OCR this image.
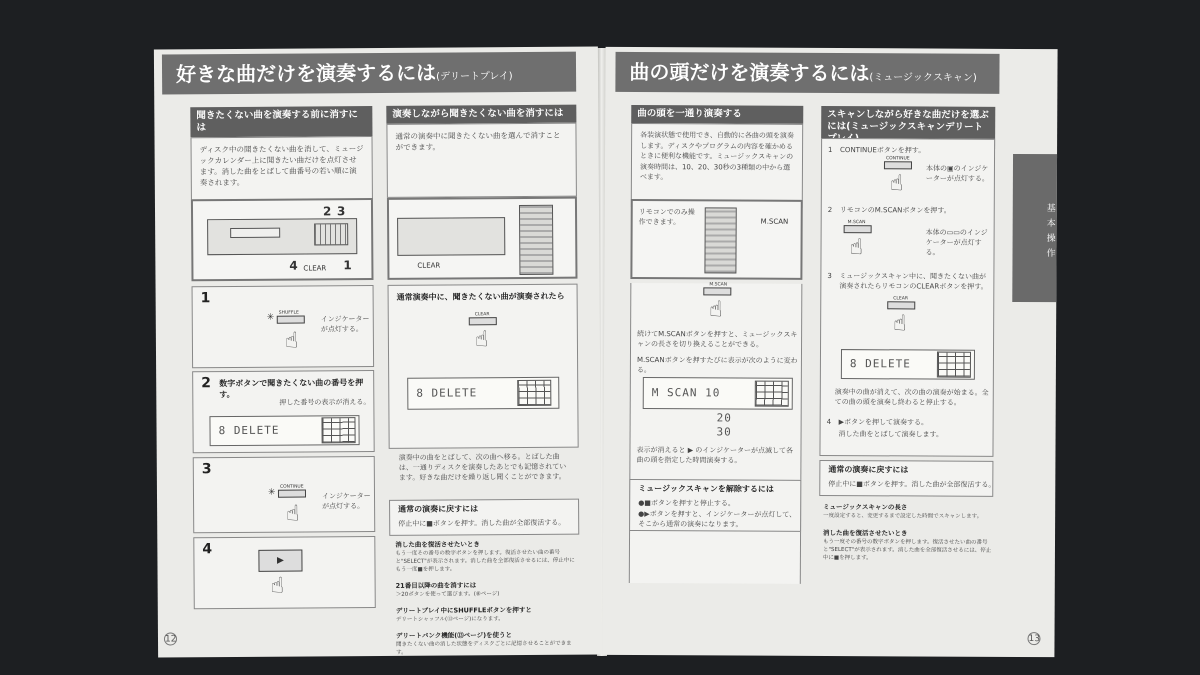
好きな曲だけを演奏するには(デリートプレイ)
聞きたくない曲を演奏する前に消すには
ディスク中の聞きたくない曲を消して、ミュージックカレンダー上に聞きたい曲だけを点灯させます。消した曲をとばして曲番号の若い順に演奏されます。
2 3
4	1
CLEAR
1
✳ SHUFFLE
☝
インジケーターが点灯する。
2 数字ボタンで聞きたくない曲の番号を押す。
押した番号の表示が消える。
8 DELETE
3
✳
CONTINUE
☝
インジケーターが点灯する。
4
▶
☝
演奏しながら聞きたくない曲を消すには
通常の演奏中に聞きたくない曲を選んで消すことができます。
CLEAR
通常演奏中に、聞きたくない曲が演奏されたら
CLEAR
☝
8 DELETE
演奏中の曲をとばして、次の曲へ移る。とばした曲は、一通りディスクを演奏したあとでも記憶されています。好きな曲だけを繰り返し聞くことができます。
通常の演奏に戻すには
停止中に■ボタンを押す。消した曲が全部復活する。
消した曲を復活させたいとき
もう一度その番号の数字ボタンを押します。復活させたい曲の番号と"SELECT"が表示されます。消した曲を全部復活させるには、停止中にもう一度■を押します。
21番目以降の曲を消すには
＞20ボタンを使って選びます。(⑧ページ)
デリートプレイ中にSHUFFLEボタンを押すと
デリートシャッフル(⑬ページ)になります。
デリートバンク機能(⑬ページ)を使うと
聞きたくない曲の消した状態をディスクごとに記憶させることができます。
12
曲の頭だけを演奏するには(ミュージックスキャン)
基本操作
曲の頭を一通り演奏する
各装演状態で使用でき、自動的に各曲の頭を演奏します。ディスクやプログラムの内容を確かめるときに便利な機能です。ミュージックスキャンの演奏時間は、10、20、30秒の3種類の中から選べます。
リモコンでのみ操作できます。	M.SCAN
M.SCAN
☝
続けてM.SCANボタンを押すと、ミュージックスキャンの長さを切り換えることができる。
M.SCANボタンを押すたびに表示が次のように変わる。
M SCAN 10
20
30
表示が消えると ▶ のインジケーターが点滅して各曲の頭を指定した時間演奏する。
ミュージックスキャンを解除するには
●■ボタンを押すと停止する。
●▶ボタンを押すと、インジケーターが点灯して、そこから通常の演奏になります。
スキャンしながら好きな曲だけを選ぶには(ミュージックスキャンデリートプレイ)
1 CONTINUEボタンを押す。
CONTINUE
☝
本体の▣のインジケーターが点灯する。
2 リモコンのM.SCANボタンを押す。
M.SCAN
☝
本体の▭▭のインジケーターが点灯する。
3 ミュージックスキャン中に、聞きたくない曲が演奏されたらリモコンのCLEARボタンを押す。
CLEAR
☝
8 DELETE
演奏中の曲が消えて、次の曲の演奏が始まる。全ての曲の頭を演奏し終わると停止する。
4 ▶ボタンを押して演奏する。
消した曲をとばして演奏します。
通常の演奏に戻すには
停止中に■ボタンを押す。消した曲が全部復活する。
ミュージックスキャンの長さ
一度設定すると、変更するまで設定した時間でスキャンします。
消した曲を復活させたいとき
もう一度その番号の数字ボタンを押します。復活させたい曲の番号と"SELECT"が表示されます。消した曲を全部復活させるには、停止中に■を押します。
13
